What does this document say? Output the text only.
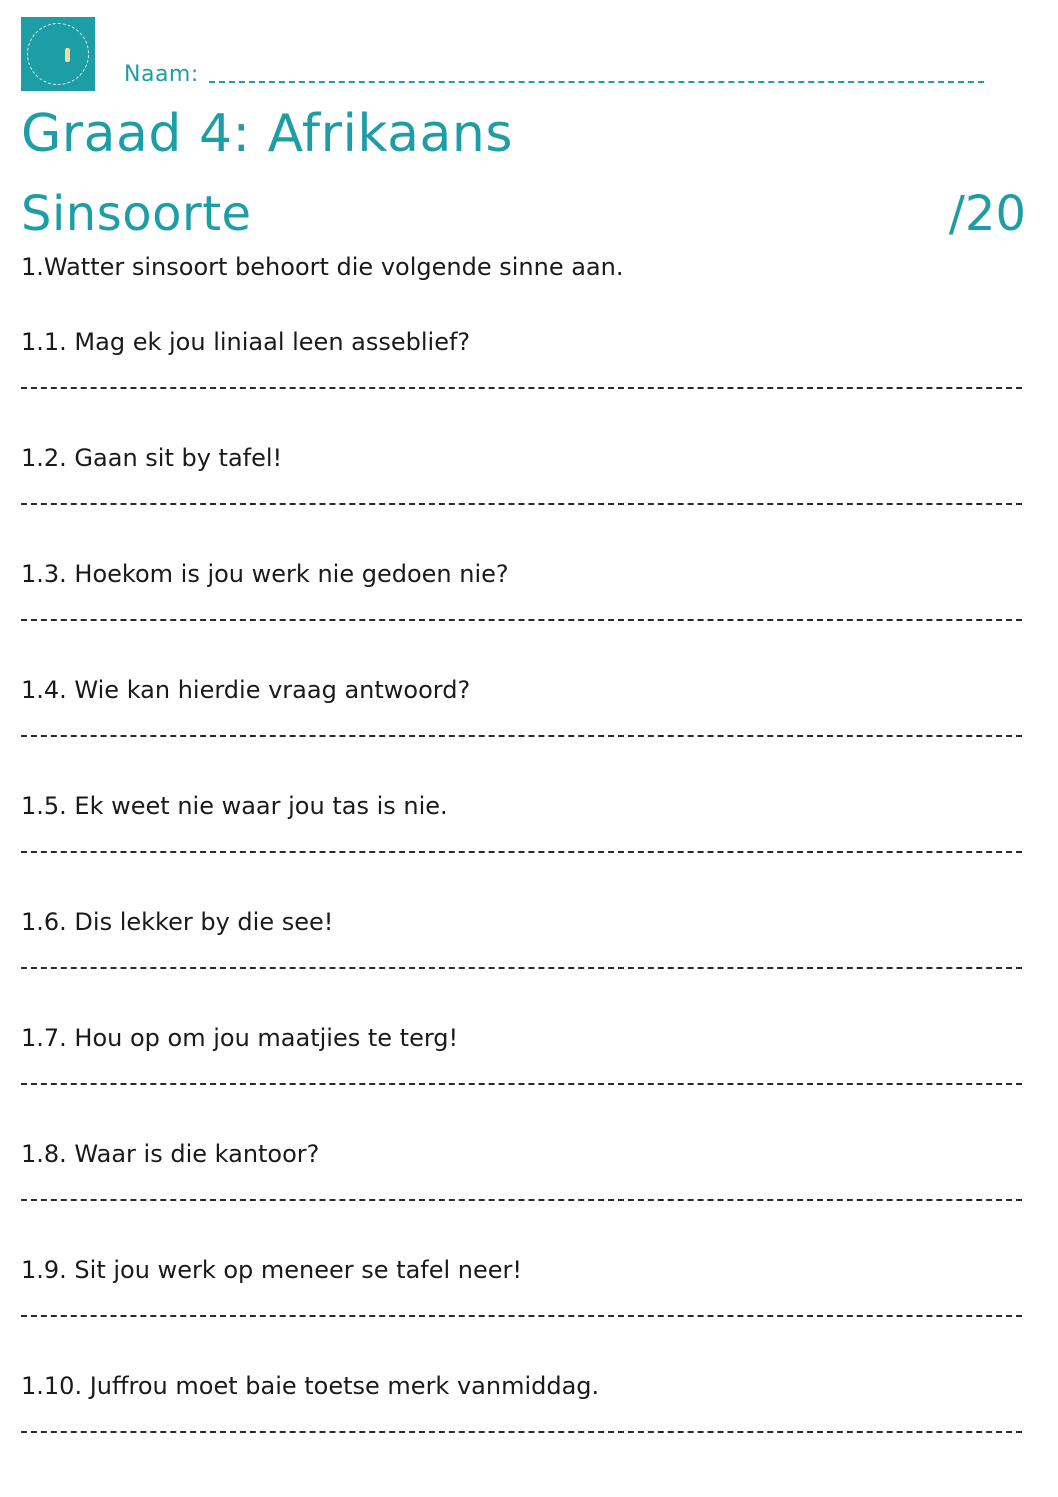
Naam:
Graad 4: Afrikaans
Sinsoorte	/20
1.Watter sinsoort behoort die volgende sinne aan.
1.1. Mag ek jou liniaal leen asseblief?
1.2. Gaan sit by tafel!
1.3. Hoekom is jou werk nie gedoen nie?
1.4. Wie kan hierdie vraag antwoord?
1.5. Ek weet nie waar jou tas is nie.
1.6. Dis lekker by die see!
1.7. Hou op om jou maatjies te terg!
1.8. Waar is die kantoor?
1.9. Sit jou werk op meneer se tafel neer!
1.10. Juffrou moet baie toetse merk vanmiddag.
